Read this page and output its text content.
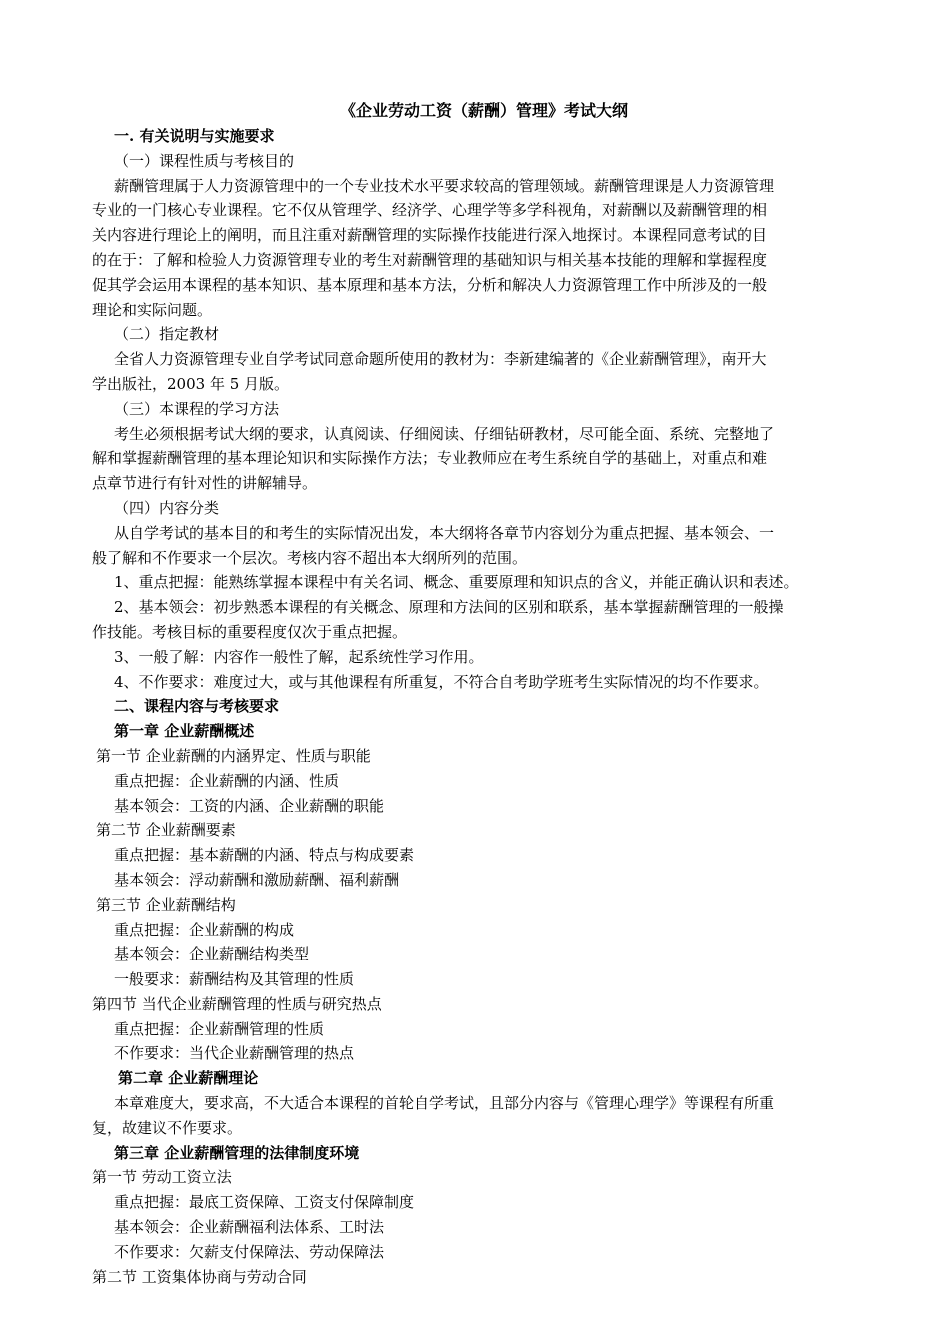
《企业劳动工资（薪酬）管理》考试大纲
一. 有关说明与实施要求
（一）课程性质与考核目的
薪酬管理属于人力资源管理中的一个专业技术水平要求较高的管理领域。薪酬管理课是人力资源管理
专业的一门核心专业课程。它不仅从管理学、经济学、心理学等多学科视角，对薪酬以及薪酬管理的相
关内容进行理论上的阐明，而且注重对薪酬管理的实际操作技能进行深入地探讨。本课程同意考试的目
的在于：了解和检验人力资源管理专业的考生对薪酬管理的基础知识与相关基本技能的理解和掌握程度
促其学会运用本课程的基本知识、基本原理和基本方法，分析和解决人力资源管理工作中所涉及的一般
理论和实际问题。
（二）指定教材
全省人力资源管理专业自学考试同意命题所使用的教材为：李新建编著的《企业薪酬管理》，南开大
学出版社，2003 年 5 月版。
（三）本课程的学习方法
考生必须根据考试大纲的要求，认真阅读、仔细阅读、仔细钻研教材，尽可能全面、系统、完整地了
解和掌握薪酬管理的基本理论知识和实际操作方法；专业教师应在考生系统自学的基础上，对重点和难
点章节进行有针对性的讲解辅导。
（四）内容分类
从自学考试的基本目的和考生的实际情况出发，本大纲将各章节内容划分为重点把握、基本领会、一
般了解和不作要求一个层次。考核内容不超出本大纲所列的范围。
1、重点把握：能熟练掌握本课程中有关名词、概念、重要原理和知识点的含义，并能正确认识和表述。
2、基本领会：初步熟悉本课程的有关概念、原理和方法间的区别和联系，基本掌握薪酬管理的一般操
作技能。考核目标的重要程度仅次于重点把握。
3、一般了解：内容作一般性了解，起系统性学习作用。
4、不作要求：难度过大，或与其他课程有所重复，不符合自考助学班考生实际情况的均不作要求。
二、课程内容与考核要求
第一章 企业薪酬概述
第一节 企业薪酬的内涵界定、性质与职能
重点把握：企业薪酬的内涵、性质
基本领会：工资的内涵、企业薪酬的职能
第二节 企业薪酬要素
重点把握：基本薪酬的内涵、特点与构成要素
基本领会：浮动薪酬和激励薪酬、福利薪酬
第三节 企业薪酬结构
重点把握：企业薪酬的构成
基本领会：企业薪酬结构类型
一般要求：薪酬结构及其管理的性质
第四节 当代企业薪酬管理的性质与研究热点
重点把握：企业薪酬管理的性质
不作要求：当代企业薪酬管理的热点
第二章 企业薪酬理论
本章难度大，要求高，不大适合本课程的首轮自学考试，且部分内容与《管理心理学》等课程有所重
复，故建议不作要求。
第三章 企业薪酬管理的法律制度环境
第一节 劳动工资立法
重点把握：最底工资保障、工资支付保障制度
基本领会：企业薪酬福利法体系、工时法
不作要求：欠薪支付保障法、劳动保障法
第二节 工资集体协商与劳动合同
